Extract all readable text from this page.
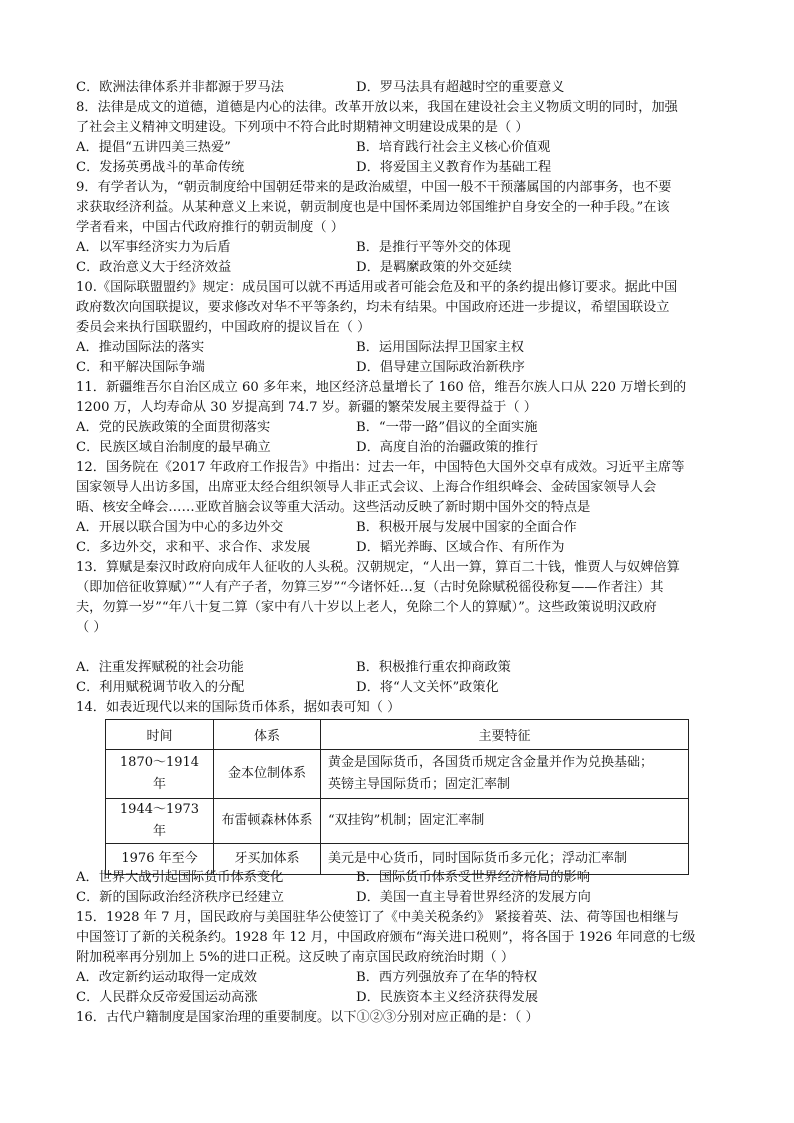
8．法律是成文的道德，道德是内心的法律。改革开放以来，我国在建设社会主义物质文明的同时，加强
了社会主义精神文明建设。下列项中不符合此时期精神文明建设成果的是（ ）
9．有学者认为，“朝贡制度给中国朝廷带来的是政治威望，中国一般不干预藩属国的内部事务，也不要
求获取经济利益。从某种意义上来说，朝贡制度也是中国怀柔周边邻国维护自身安全的一种手段。”在该
学者看来，中国古代政府推行的朝贡制度（ ）
10.《国际联盟盟约》规定：成员国可以就不再适用或者可能会危及和平的条约提出修订要求。据此中国
政府数次向国联提议，要求修改对华不平等条约，均未有结果。中国政府还进一步提议，希望国联设立
委员会来执行国联盟约，中国政府的提议旨在（ ）
11．新疆维吾尔自治区成立 60 多年来，地区经济总量增长了 160 倍，维吾尔族人口从 220 万增长到的
1200 万，人均寿命从 30 岁提高到 74.7 岁。新疆的繁荣发展主要得益于（ ）
12．国务院在《2017 年政府工作报告》中指出：过去一年，中国特色大国外交卓有成效。习近平主席等
国家领导人出访多国，出席亚太经合组织领导人非正式会议、上海合作组织峰会、金砖国家领导人会
晤、核安全峰会……亚欧首脑会议等重大活动。这些活动反映了新时期中国外交的特点是
13．算赋是秦汉时政府向成年人征收的人头税。汉朝规定，“人出一算，算百二十钱，惟贾人与奴婢倍算
（即加倍征收算赋）”“人有产子者，勿算三岁”“今诸怀妊…复（古时免除赋税徭役称复——作者注）其
夫，勿算一岁”“年八十复二算（家中有八十岁以上老人，免除二个人的算赋）”。这些政策说明汉政府
（ ）
14．如表近现代以来的国际货币体系，据如表可知（ ）
15．1928 年 7 月，国民政府与美国驻华公使签订了《中美关税条约》 紧接着英、法、荷等国也相继与
中国签订了新的关税条约。1928 年 12 月，中国政府颁布“海关进口税则”，将各国于 1926 年同意的七级
附加税率再分别加上 5%的进口正税。这反映了南京国民政府统治时期（ ）
16．古代户籍制度是国家治理的重要制度。以下①②③分别对应正确的是：（ ）
C．欧洲法律体系并非都源于罗马法	D．罗马法具有超越时空的重要意义
A．提倡“五讲四美三热爱”	B．培育践行社会主义核心价值观
C．发扬英勇战斗的革命传统	D．将爱国主义教育作为基础工程
A．以军事经济实力为后盾	B．是推行平等外交的体现
C．政治意义大于经济效益	D．是羁縻政策的外交延续
A．推动国际法的落实	B．运用国际法捍卫国家主权
C．和平解决国际争端	D．倡导建立国际政治新秩序
A．党的民族政策的全面贯彻落实	B．“一带一路”倡议的全面实施
C．民族区域自治制度的最早确立	D．高度自治的治疆政策的推行
A．开展以联合国为中心的多边外交	B．积极开展与发展中国家的全面合作
C．多边外交，求和平、求合作、求发展	D．韬光养晦、区域合作、有所作为
A．注重发挥赋税的社会功能	B．积极推行重农抑商政策
C．利用赋税调节收入的分配	D．将“人文关怀”政策化
A．世界大战引起国际货币体系变化	B．国际货币体系受世界经济格局的影响
C．新的国际政治经济秩序已经建立	D．美国一直主导着世界经济的发展方向
A．改定新约运动取得一定成效	B．西方列强放弃了在华的特权
C．人民群众反帝爱国运动高涨	D．民族资本主义经济获得发展
时间	体系	主要特征
1870～1914 年	金本位制体系	黄金是国际货币，各国货币规定含金量并作为兑换基础；
英镑主导国际货币；固定汇率制

1944～1973 年	布雷顿森林体系	“双挂钩”机制；固定汇率制
1976 年至今	牙买加体系	美元是中心货币，同时国际货币多元化；浮动汇率制
